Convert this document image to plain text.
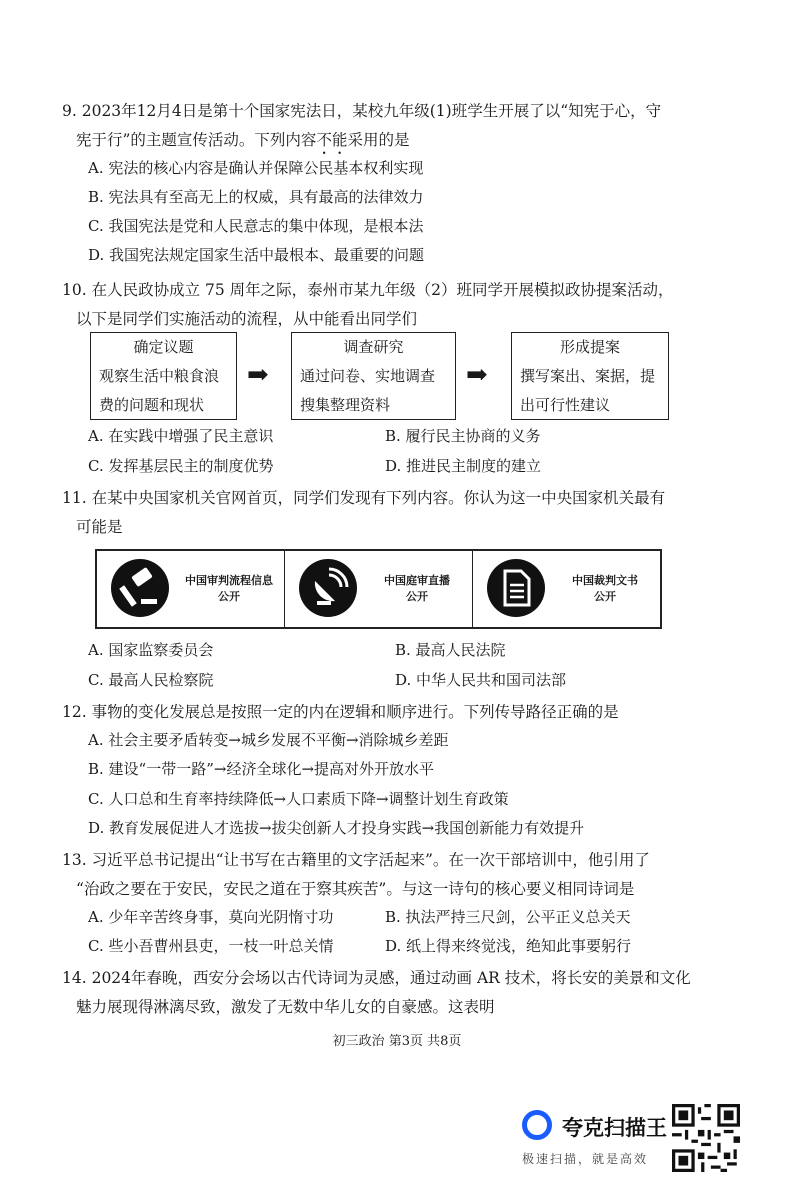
9. 2023年12月4日是第十个国家宪法日，某校九年级(1)班学生开展了以“知宪于心，守
宪于行”的主题宣传活动。下列内容不能采用的是
A. 宪法的核心内容是确认并保障公民基本权利实现
B. 宪法具有至高无上的权威，具有最高的法律效力
C. 我国宪法是党和人民意志的集中体现，是根本法
D. 我国宪法规定国家生活中最根本、最重要的问题
10. 在人民政协成立 75 周年之际，泰州市某九年级（2）班同学开展模拟政协提案活动，
以下是同学们实施活动的流程，从中能看出同学们
确定议题
观察生活中粮食浪费的问题和现状
➡
调查研究
通过问卷、实地调查搜集整理资料
➡
形成提案
撰写案出、案据，提出可行性建议
A. 在实践中增强了民主意识	B. 履行民主协商的义务
C. 发挥基层民主的制度优势	D. 推进民主制度的建立
11. 在某中央国家机关官网首页，同学们发现有下列内容。你认为这一中央国家机关最有
可能是
中国审判流程信息
公开
中国庭审直播
公开
中国裁判文书
公开
A. 国家监察委员会	B. 最高人民法院
C. 最高人民检察院	D. 中华人民共和国司法部
12. 事物的变化发展总是按照一定的内在逻辑和顺序进行。下列传导路径正确的是
A. 社会主要矛盾转变→城乡发展不平衡→消除城乡差距
B. 建设“一带一路”→经济全球化→提高对外开放水平
C. 人口总和生育率持续降低→人口素质下降→调整计划生育政策
D. 教育发展促进人才选拔→拔尖创新人才投身实践→我国创新能力有效提升
13. 习近平总书记提出“让书写在古籍里的文字活起来”。在一次干部培训中，他引用了
“治政之要在于安民，安民之道在于察其疾苦”。与这一诗句的核心要义相同诗词是
A. 少年辛苦终身事，莫向光阴惰寸功	B. 执法严持三尺剑，公平正义总关天
C. 些小吾曹州县吏，一枝一叶总关情	D. 纸上得来终觉浅，绝知此事要躬行
14. 2024年春晚，西安分会场以古代诗词为灵感，通过动画 AR 技术，将长安的美景和文化
魅力展现得淋漓尽致，激发了无数中华儿女的自豪感。这表明
初三政治 第3页 共8页
夸克扫描王
极速扫描，就是高效
